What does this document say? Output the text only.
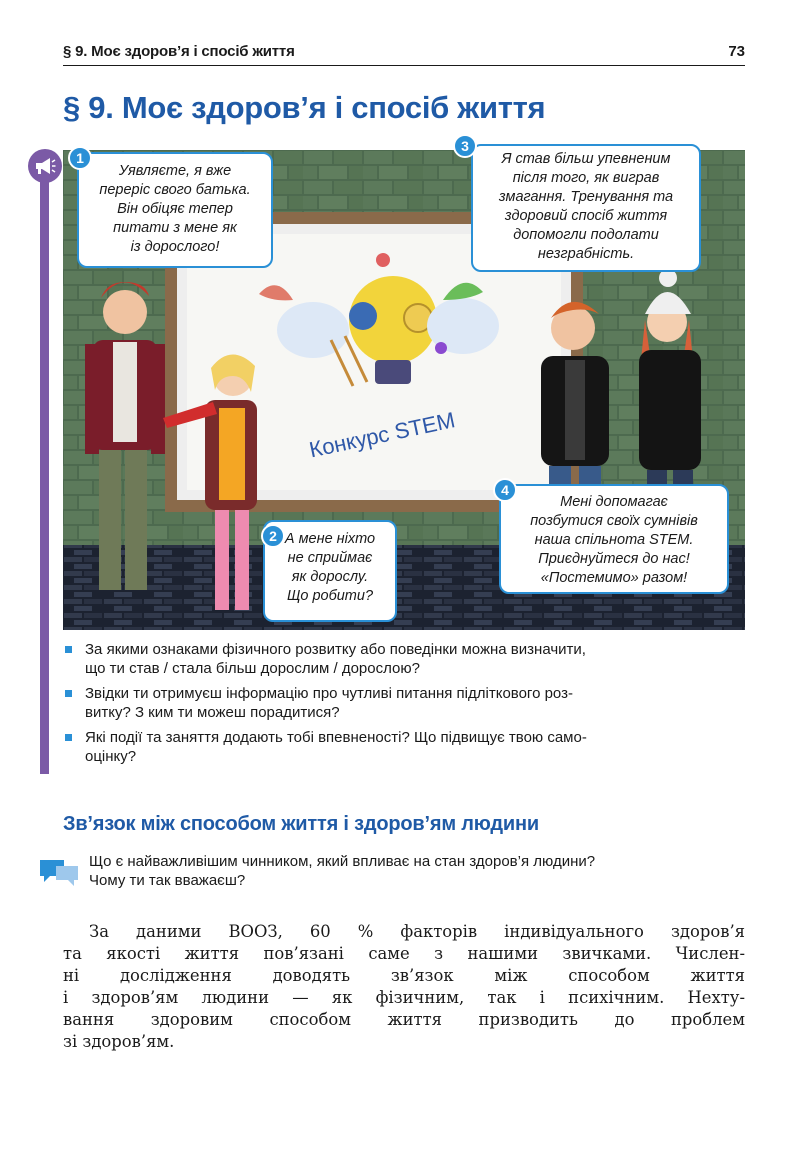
§ 9. Моє здоров’я і спосіб життя	73
§ 9. Моє здоров’я і спосіб життя
Конкурс STEM
Уявляєте, я вже
переріс свого батька.
Він обіцяє тепер
питати з мене як
із дорослого!
1	Я став більш упевненим
після того, як виграв
змагання. Тренування та
здоровий спосіб життя
допомогли подолати
незграбність.
3
А мене ніхто
не сприймає
як дорослу.
Що робити?
2
Мені допомагає
позбутися своїх сумнівів
наша спільнота STEM.
Приєднуйтеся до нас!
«Постемимо» разом!
4
За якими ознаками фізичного розвитку або поведінки можна визначити,
що ти став / стала більш дорослим / дорослою?
Звідки ти отримуєш інформацію про чутливі питання підліткового роз-
витку? З ким ти можеш порадитися?
Які події та заняття додають тобі впевненості? Що підвищує твою само-
оцінку?
Зв’язок між способом життя і здоров’ям людини
Що є найважливішим чинником, який впливає на стан здоров’я людини?
Чому ти так вважаєш?
За даними ВООЗ, 60 % факторів індивідуального здоров’я
та якості життя пов’язані саме з нашими звичками. Числен-
ні дослідження доводять зв’язок між способом життя
і здоров’ям людини — як фізичним, так і психічним. Нехту-
вання здоровим способом життя призводить до проблем
зі здоров’ям.
